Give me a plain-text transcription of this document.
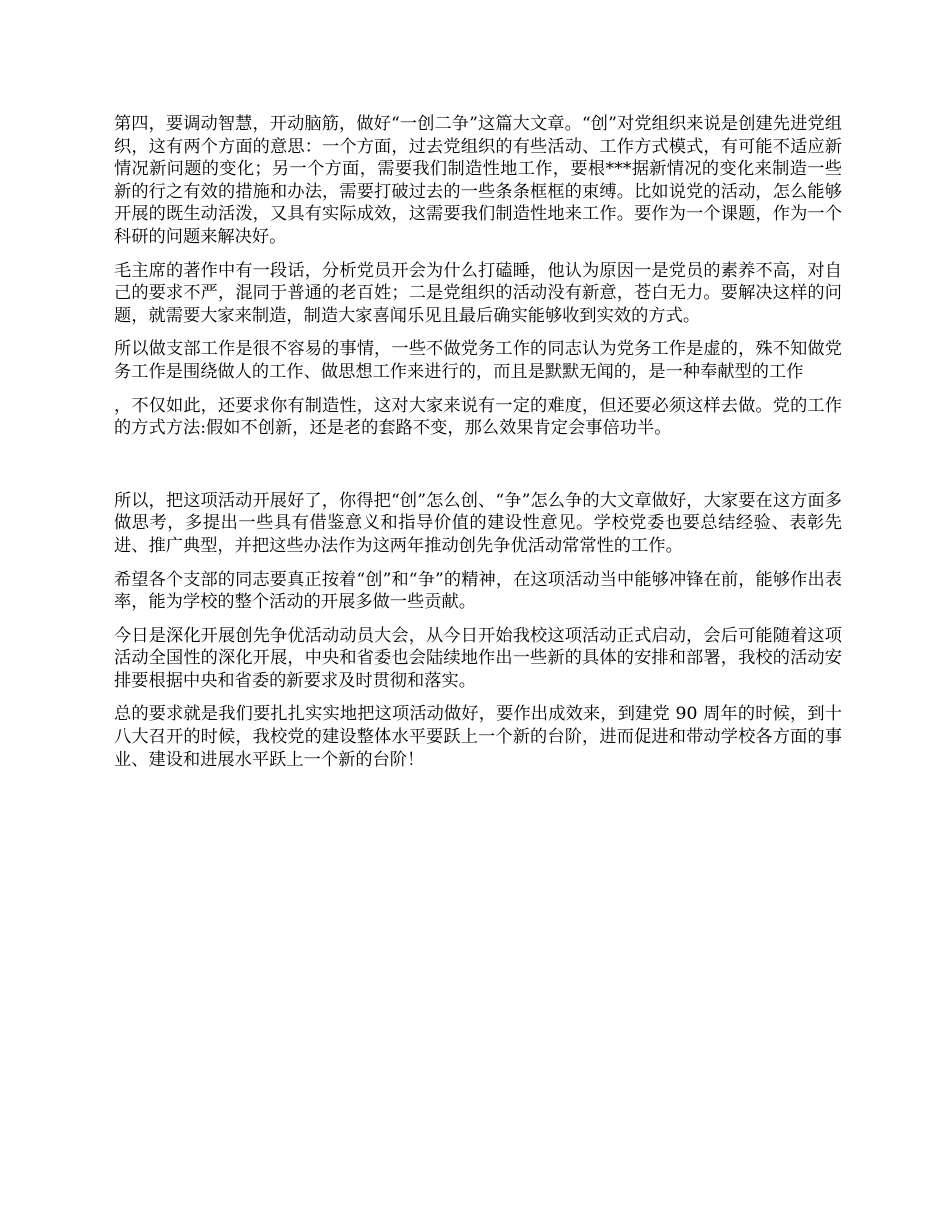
第四，要调动智慧，开动脑筋，做好“一创二争”这篇大文章。“创”对党组织来说是创建先进党组织，这有两个方面的意思：一个方面，过去党组织的有些活动、工作方式模式，有可能不适应新情况新问题的变化；另一个方面，需要我们制造性地工作，要根***据新情况的变化来制造一些新的行之有效的措施和办法，需要打破过去的一些条条框框的束缚。比如说党的活动，怎么能够开展的既生动活泼，又具有实际成效，这需要我们制造性地来工作。要作为一个课题，作为一个科研的问题来解决好。

毛主席的著作中有一段话，分析党员开会为什么打磕睡，他认为原因一是党员的素养不高，对自己的要求不严，混同于普通的老百姓；二是党组织的活动没有新意，苍白无力。要解决这样的问题，就需要大家来制造，制造大家喜闻乐见且最后确实能够收到实效的方式。

所以做支部工作是很不容易的事情，一些不做党务工作的同志认为党务工作是虚的，殊不知做党务工作是围绕做人的工作、做思想工作来进行的，而且是默默无闻的，是一种奉献型的工作

，不仅如此，还要求你有制造性，这对大家来说有一定的难度，但还要必须这样去做。党的工作的方式方法:假如不创新，还是老的套路不变，那么效果肯定会事倍功半。

所以，把这项活动开展好了，你得把“创”怎么创、“争”怎么争的大文章做好，大家要在这方面多做思考，多提出一些具有借鉴意义和指导价值的建设性意见。学校党委也要总结经验、表彰先进、推广典型，并把这些办法作为这两年推动创先争优活动常常性的工作。

希望各个支部的同志要真正按着“创”和“争”的精神，在这项活动当中能够冲锋在前，能够作出表率，能为学校的整个活动的开展多做一些贡献。

今日是深化开展创先争优活动动员大会，从今日开始我校这项活动正式启动，会后可能随着这项活动全国性的深化开展，中央和省委也会陆续地作出一些新的具体的安排和部署，我校的活动安排要根据中央和省委的新要求及时贯彻和落实。

总的要求就是我们要扎扎实实地把这项活动做好，要作出成效来，到建党 90 周年的时候，到十八大召开的时候，我校党的建设整体水平要跃上一个新的台阶，进而促进和带动学校各方面的事业、建设和进展水平跃上一个新的台阶！
